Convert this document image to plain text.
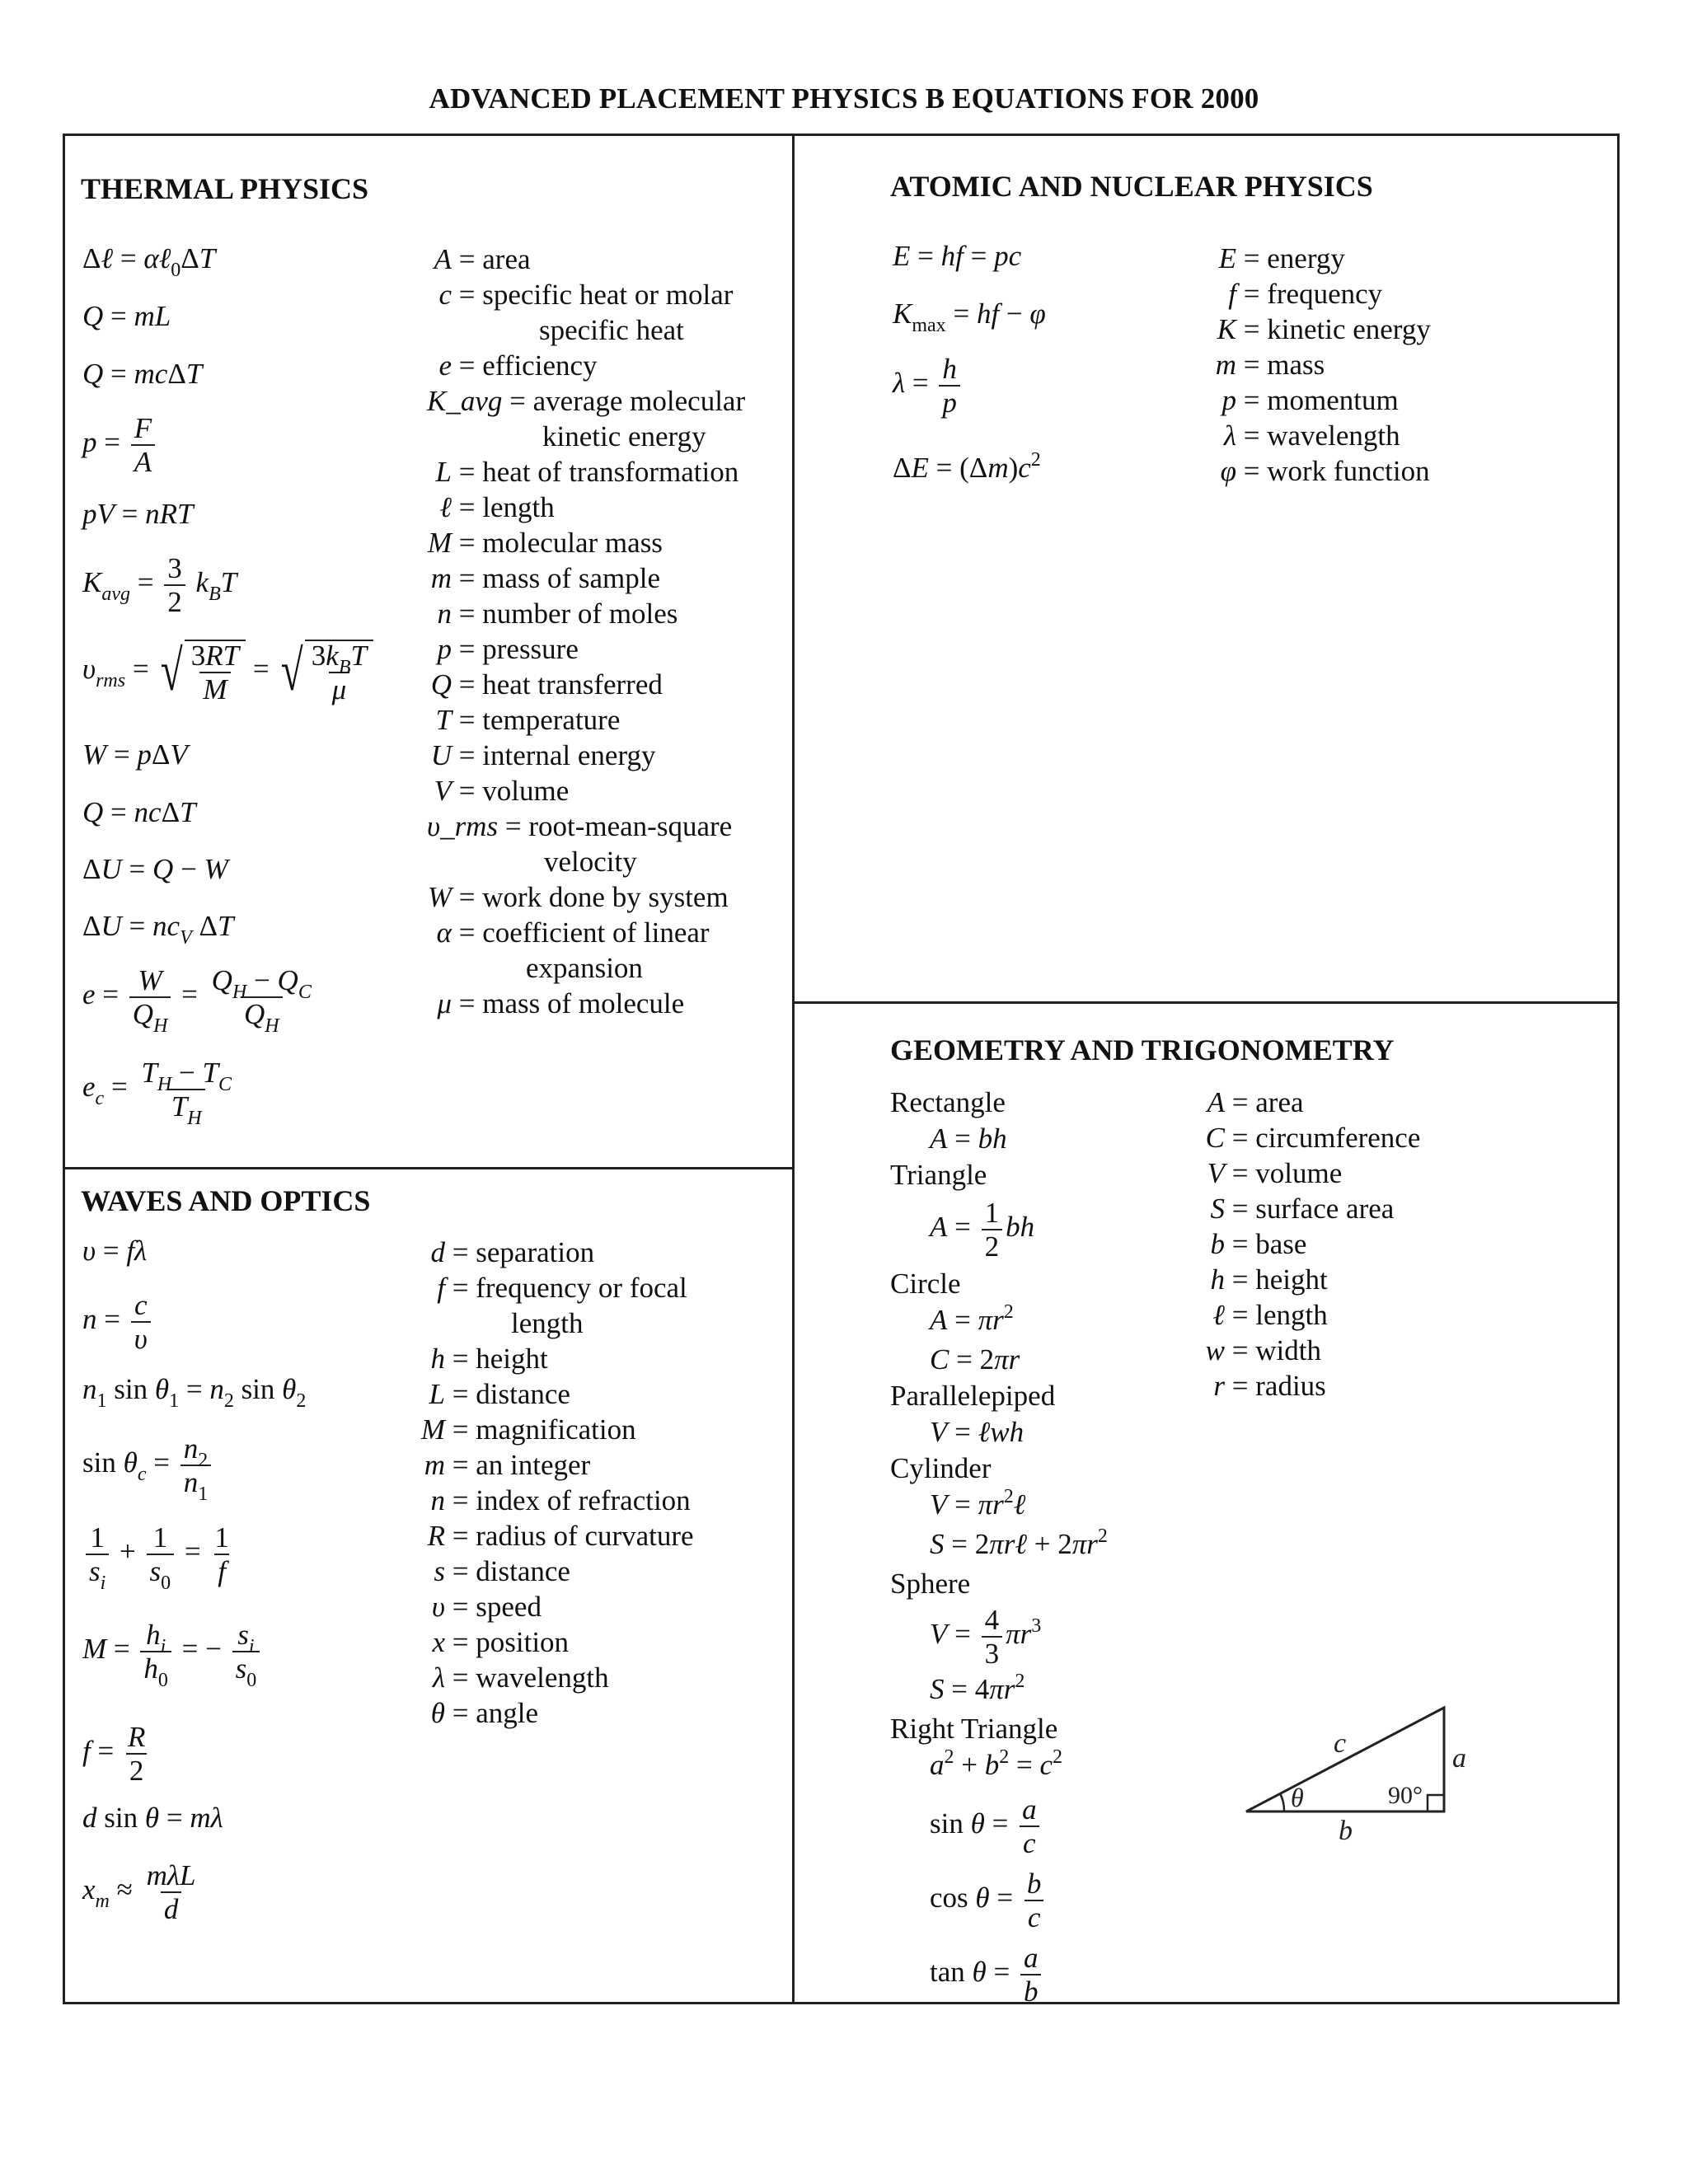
ADVANCED PLACEMENT PHYSICS B EQUATIONS FOR 2000
THERMAL PHYSICS
Δℓ = αℓ$_0$ΔT
Q = mL
Q = mcΔT
$p = \frac{F}{A}$
pV = nRT
$K_{avg} = \frac{3}{2} k_BT$
$\upsilon_{rms}$ = √ $\frac{3RT}{M}$ = √ $\frac{3k_BT}{\mu}$
W = pΔV
Q = ncΔT
ΔU = Q − W
$\Delta U = nc_V$ ΔT
$e = \frac{W}{Q_H} = \frac{Q_H - Q_C}{Q_H}$
$e_c = \frac{T_H - T_C}{T_H}$
A = area
c = specific heat or molar
specific heat
e = efficiency
K_avg = average molecular
kinetic energy
L = heat of transformation
ℓ = length
M = molecular mass
m = mass of sample
n = number of moles
p = pressure
Q = heat transferred
T = temperature
U = internal energy
V = volume
υ_rms = root-mean-square
velocity
W = work done by system
α = coefficient of linear
expansion
μ = mass of molecule
ATOMIC AND NUCLEAR PHYSICS
E = hf = pc
$K_{max}$ = hf − φ
$\lambda = \frac{h}{p}$
$\Delta E = (\Delta m)c^2$
E = energy
f = frequency
K = kinetic energy
m = mass
p = momentum
λ = wavelength
φ = work function
WAVES AND OPTICS
υ = fλ
$n = \frac{c}{\upsilon}$
$n_1$ $\sin \theta_1 = n_2$ $\sin \theta_2$
$\sin \theta_c = \frac{n_2}{n_1}$
$\frac{1}{s_i} + \frac{1}{s_0} = \frac{1}{f}$
$M = \frac{h_i}{h_0}$ = − $\frac{s_i}{s_0}$
$f = \frac{R}{2}$
d sin θ = mλ
$x_m \approx \frac{\text{mλL}}{d}$
d = separation
f = frequency or focal
length
h = height
L = distance
M = magnification
m = an integer
n = index of refraction
R = radius of curvature
s = distance
υ = speed
x = position
λ = wavelength
θ = angle
GEOMETRY AND TRIGONOMETRY
Rectangle
A = bh
Triangle
$A = \frac{1}{2}$ bh
Circle
$A = \pi r^2$
C = 2πr
Parallelepiped
V = ℓwh
Cylinder
$V = \pi r^2\ell$
S = 2πrℓ + $2\pi r^2$
Sphere
$V = \frac{4}{3} \pi r^3$
$S = 4\pi r^2$
Right Triangle
$a^2 + b^2 = c^2$
$\sin \theta = \frac{a}{c}$
$\cos \theta = \frac{b}{c}$
$\tan \theta = \frac{a}{b}$
A = area
C = circumference
V = volume
S = surface area
b = base
h = height
ℓ = length
w = width
r = radius
c	a
b
θ	90°
